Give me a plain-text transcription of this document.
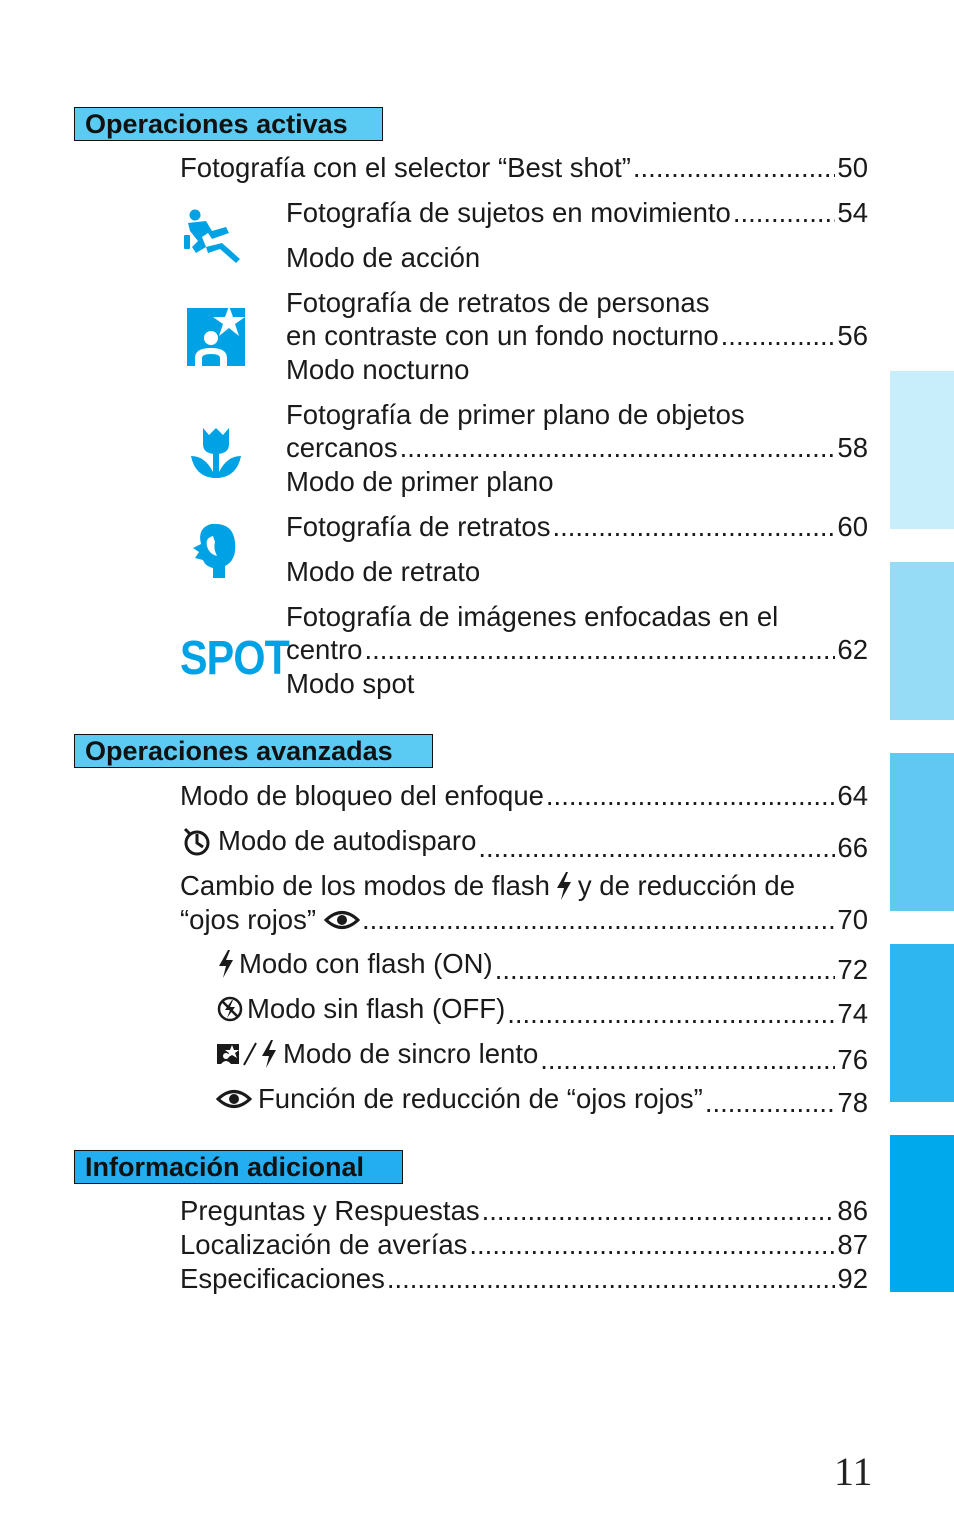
Operaciones activas
Fotografía con el selector “Best shot” .....	50
Fotografía de sujetos en movimiento .....	54
Modo de acción
Fotografía de retratos de personas
en contraste con un fondo nocturno .....	56
Modo nocturno
Fotografía de primer plano de objetos
cercanos .....	58
Modo de primer plano
Fotografía de retratos .....	60
Modo de retrato
SPOT
Fotografía de imágenes enfocadas en el
centro .....	62
Modo spot
Operaciones avanzadas
Modo de bloqueo del enfoque .....	64
Modo de autodisparo .....	66
Cambio de los modos de flash y de reducción de
“ojos rojos” .....	70
Modo con flash (ON) .....	72
Modo sin flash (OFF) .....	74
Modo de sincro lento .....	76
Función de reducción de “ojos rojos” .....	78
Información adicional
Preguntas y Respuestas .....	86
Localización de averías .....	87
Especificaciones .....	92
11
